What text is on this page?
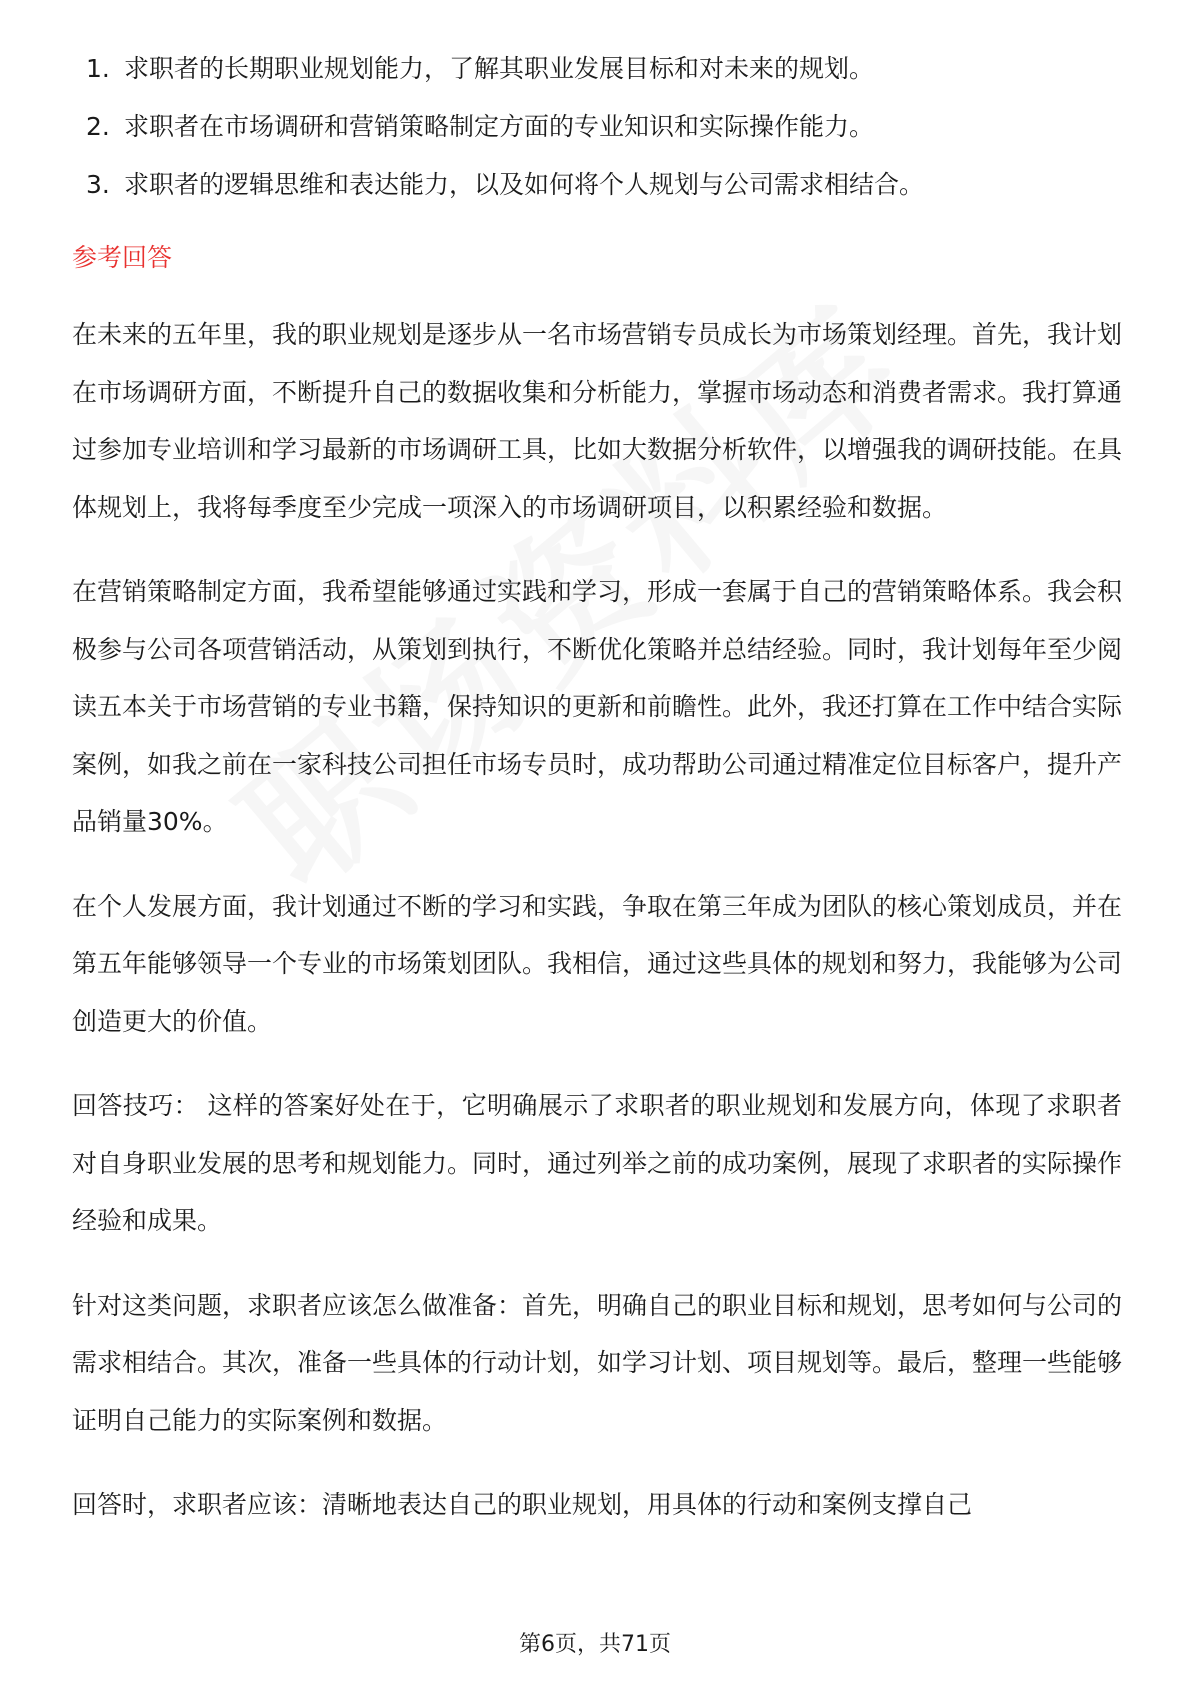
1. 求职者的长期职业规划能力，了解其职业发展目标和对未来的规划。
2. 求职者在市场调研和营销策略制定方面的专业知识和实际操作能力。
3. 求职者的逻辑思维和表达能力，以及如何将个人规划与公司需求相结合。
参考回答

在未来的五年里，我的职业规划是逐步从一名市场营销专员成长为市场策划经理。首先，我计划在市场调研方面，不断提升自己的数据收集和分析能力，掌握市场动态和消费者需求。我打算通过参加专业培训和学习最新的市场调研工具，比如大数据分析软件，以增强我的调研技能。在具体规划上，我将每季度至少完成一项深入的市场调研项目，以积累经验和数据。

在营销策略制定方面，我希望能够通过实践和学习，形成一套属于自己的营销策略体系。我会积极参与公司各项营销活动，从策划到执行，不断优化策略并总结经验。同时，我计划每年至少阅读五本关于市场营销的专业书籍，保持知识的更新和前瞻性。此外，我还打算在工作中结合实际案例，如我之前在一家科技公司担任市场专员时，成功帮助公司通过精准定位目标客户，提升产品销量30%。

在个人发展方面，我计划通过不断的学习和实践，争取在第三年成为团队的核心策划成员，并在第五年能够领导一个专业的市场策划团队。我相信，通过这些具体的规划和努力，我能够为公司创造更大的价值。

回答技巧： 这样的答案好处在于，它明确展示了求职者的职业规划和发展方向，体现了求职者对自身职业发展的思考和规划能力。同时，通过列举之前的成功案例，展现了求职者的实际操作经验和成果。

针对这类问题，求职者应该怎么做准备：首先，明确自己的职业目标和规划，思考如何与公司的需求相结合。其次，准备一些具体的行动计划，如学习计划、项目规划等。最后，整理一些能够证明自己能力的实际案例和数据。

回答时，求职者应该：清晰地表达自己的职业规划，用具体的行动和案例支撑自己

第6页，共71页
